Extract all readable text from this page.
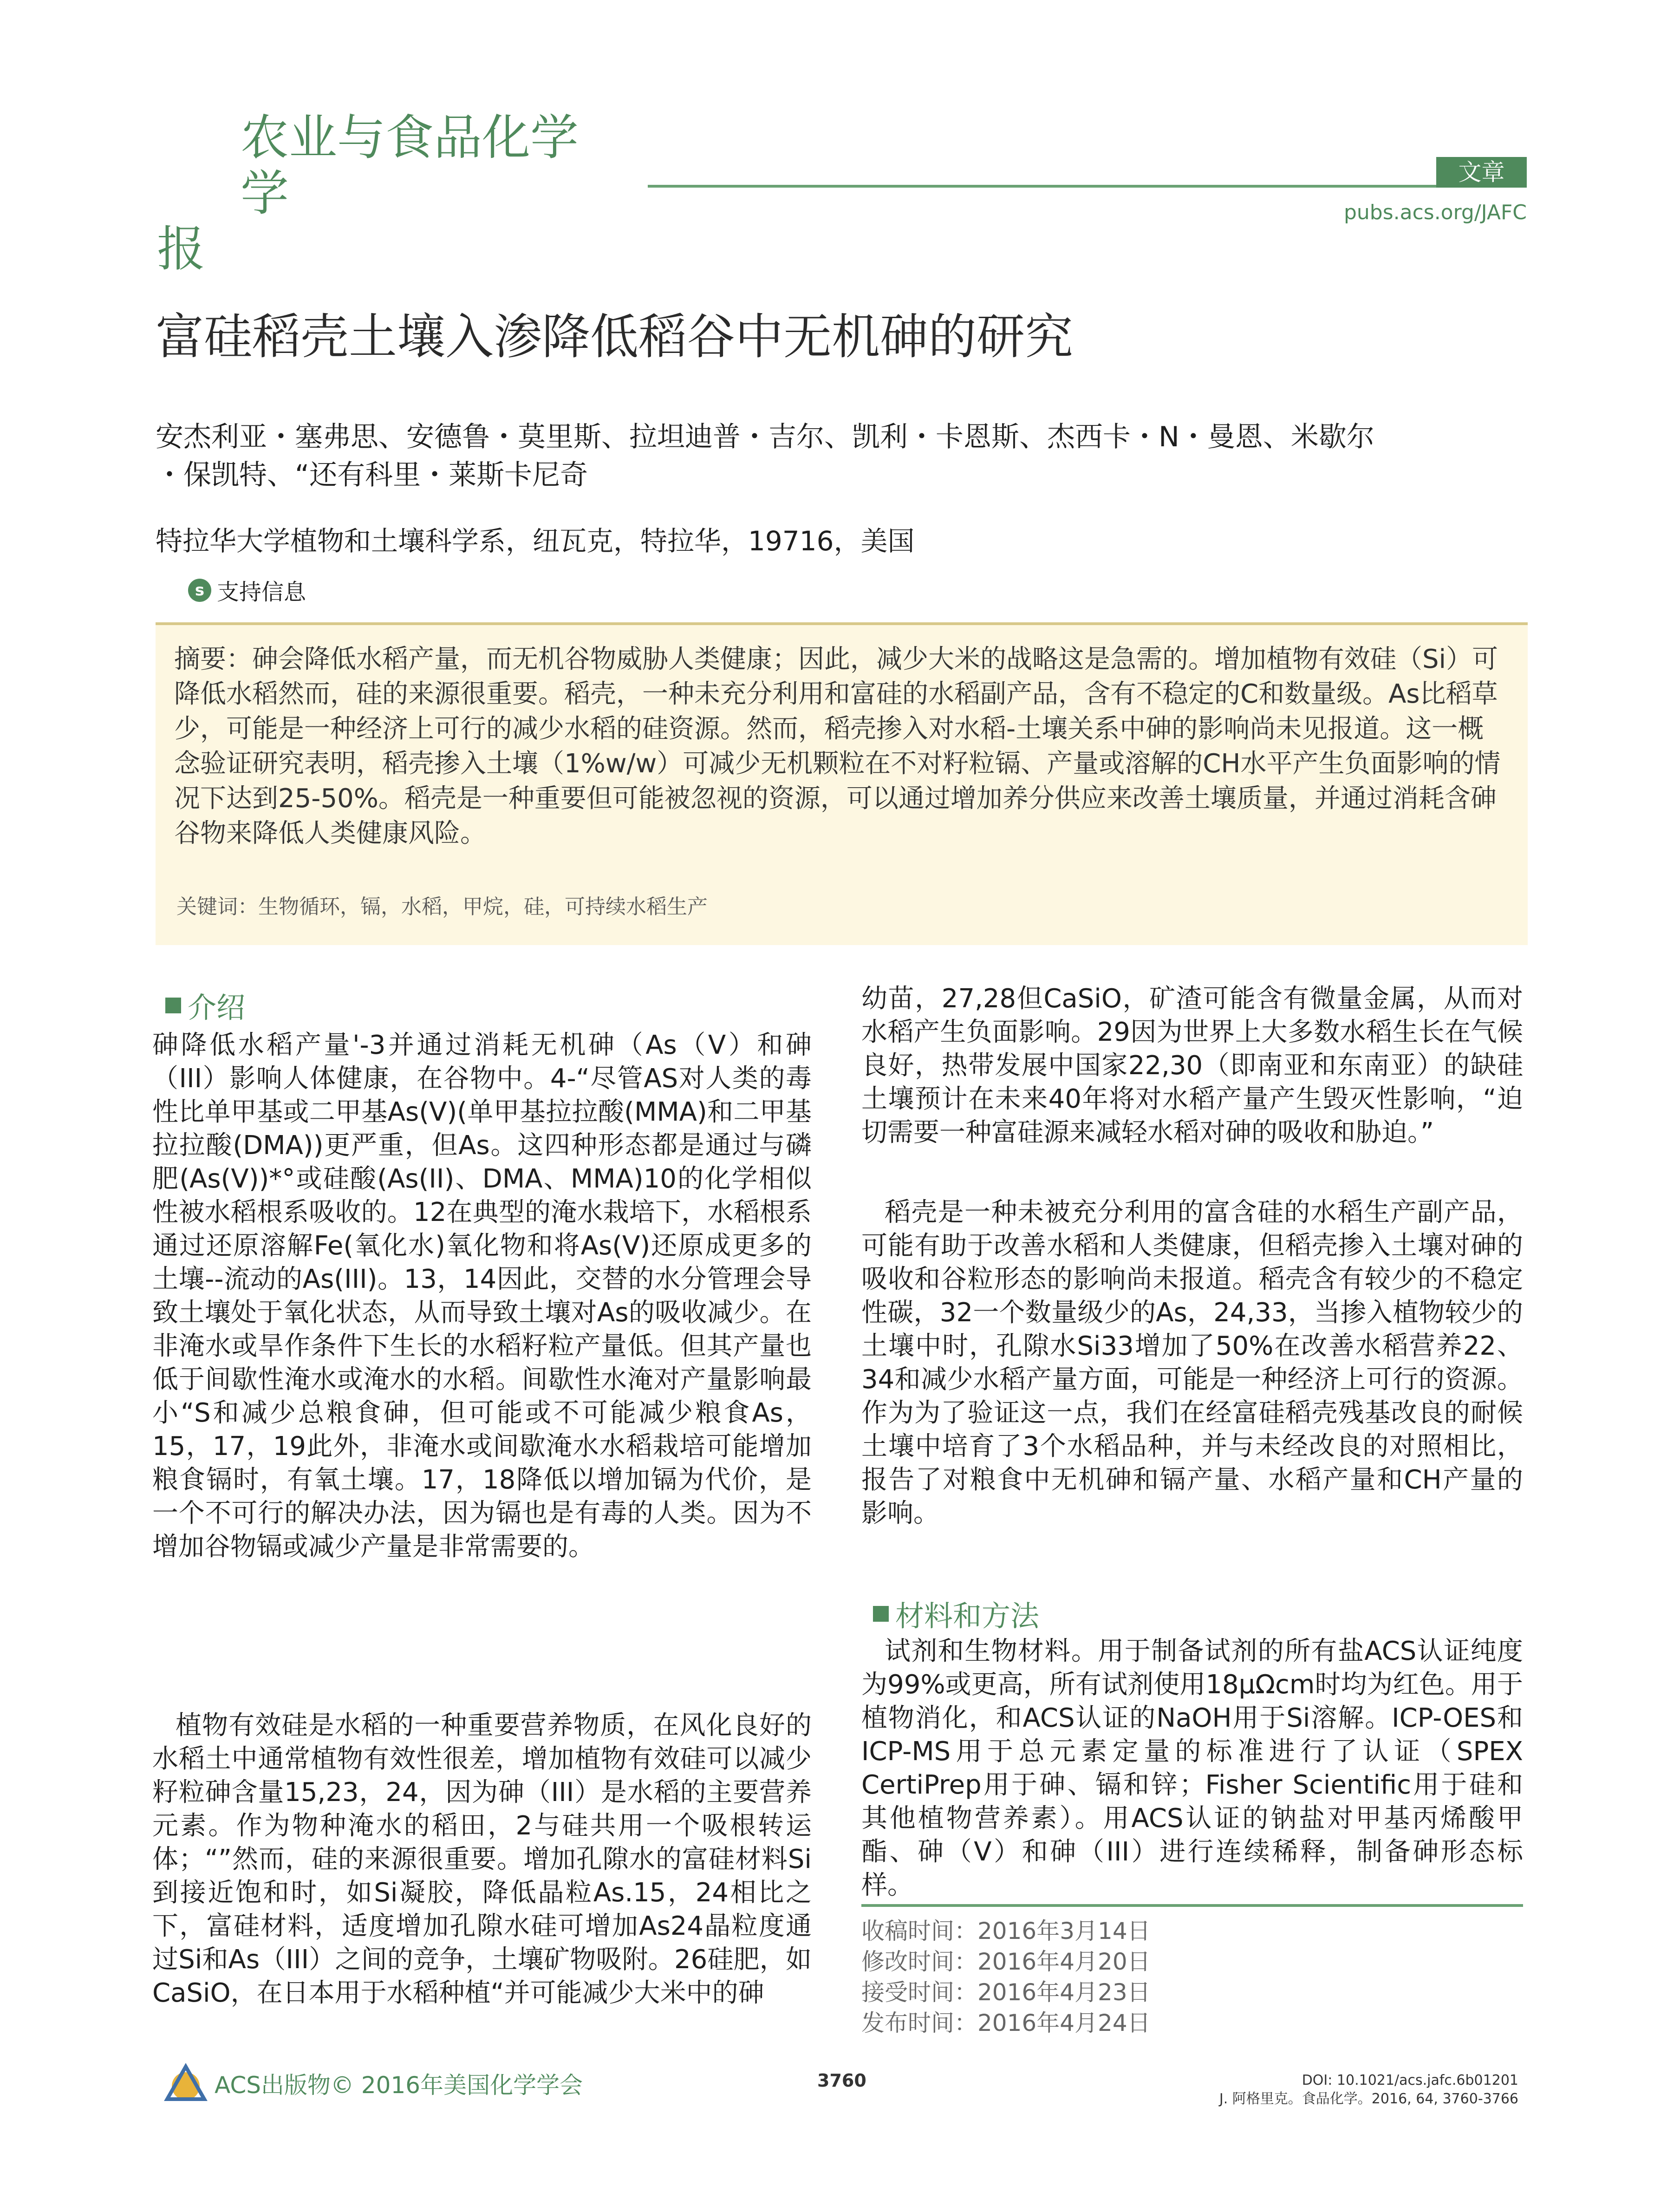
农业与食品化学学
报
文章
pubs.acs.org/JAFC
富硅稻壳土壤入渗降低稻谷中无机砷的研究
安杰利亚・塞弗思、安德鲁・莫里斯、拉坦迪普・吉尔、凯利・卡恩斯、杰西卡・N・曼恩、米歇尔
・保凯特、“还有科里・莱斯卡尼奇
特拉华大学植物和土壤科学系，纽瓦克，特拉华，19716，美国
s 支持信息
摘要：砷会降低水稻产量，而无机谷物威胁人类健康；因此，减少大米的战略这是急需的。增加植物有效硅（Si）可降低水稻然而，硅的来源很重要。稻壳，一种未充分利用和富硅的水稻副产品，含有不稳定的C和数量级。As比稻草少，可能是一种经济上可行的减少水稻的硅资源。然而，稻壳掺入对水稻-土壤关系中砷的影响尚未见报道。这一概念验证研究表明，稻壳掺入土壤（1%w/w）可减少无机颗粒在不对籽粒镉、产量或溶解的CH水平产生负面影响的情况下达到25-50%。稻壳是一种重要但可能被忽视的资源，可以通过增加养分供应来改善土壤质量，并通过消耗含砷谷物来降低人类健康风险。
关键词：生物循环，镉，水稻，甲烷，硅，可持续水稻生产
介绍
砷降低水稻产量'-3并通过消耗无机砷（As（V）和砷（III）影响人体健康，在谷物中。4-“尽管AS对人类的毒性比单甲基或二甲基As(V)(单甲基拉拉酸(MMA)和二甲基拉拉酸(DMA))更严重，但As。这四种形态都是通过与磷肥(As(V))*°或硅酸(As(II)、DMA、MMA)10的化学相似性被水稻根系吸收的。12在典型的淹水栽培下，水稻根系通过还原溶解Fe(氧化水)氧化物和将As(V)还原成更多的土壤--流动的As(III)。13，14因此，交替的水分管理会导致土壤处于氧化状态，从而导致土壤对As的吸收减少。在非淹水或旱作条件下生长的水稻籽粒产量低。但其产量也低于间歇性淹水或淹水的水稻。间歇性水淹对产量影响最小“S和减少总粮食砷，但可能或不可能减少粮食As，15，17，19此外，非淹水或间歇淹水水稻栽培可能增加粮食镉时，有氧土壤。17，18降低以增加镉为代价，是一个不可行的解决办法，因为镉也是有毒的人类。因为不增加谷物镉或减少产量是非常需要的。
植物有效硅是水稻的一种重要营养物质，在风化良好的水稻土中通常植物有效性很差，增加植物有效硅可以减少籽粒砷含量15,23，24，因为砷（III）是水稻的主要营养元素。作为物种淹水的稻田，2与硅共用一个吸根转运体；“”然而，硅的来源很重要。增加孔隙水的富硅材料Si到接近饱和时，如Si凝胶，降低晶粒As.15，24相比之下，富硅材料，适度增加孔隙水硅可增加As24晶粒度通过Si和As（III）之间的竞争，土壤矿物吸附。26硅肥，如CaSiO，在日本用于水稻种植“并可能减少大米中的砷
幼苗，27,28但CaSiO，矿渣可能含有微量金属，从而对水稻产生负面影响。29因为世界上大多数水稻生长在气候良好，热带发展中国家22,30（即南亚和东南亚）的缺硅土壤预计在未来40年将对水稻产量产生毁灭性影响，“迫切需要一种富硅源来减轻水稻对砷的吸收和胁迫。”
稻壳是一种未被充分利用的富含硅的水稻生产副产品，可能有助于改善水稻和人类健康，但稻壳掺入土壤对砷的吸收和谷粒形态的影响尚未报道。稻壳含有较少的不稳定性碳，32一个数量级少的As，24,33，当掺入植物较少的土壤中时，孔隙水Si33增加了50%在改善水稻营养22、34和减少水稻产量方面，可能是一种经济上可行的资源。作为为了验证这一点，我们在经富硅稻壳残基改良的耐候土壤中培育了3个水稻品种，并与未经改良的对照相比，报告了对粮食中无机砷和镉产量、水稻产量和CH产量的影响。
材料和方法
试剂和生物材料。用于制备试剂的所有盐ACS认证纯度为99%或更高，所有试剂使用18μΩcm时均为红色。用于植物消化，和ACS认证的NaOH用于Si溶解。ICP-OES和ICP-MS用于总元素定量的标准进行了认证（SPEX CertiPrep用于砷、镉和锌；Fisher Scientific用于硅和其他植物营养素）。用ACS认证的钠盐对甲基丙烯酸甲酯、砷（V）和砷（III）进行连续稀释，制备砷形态标样。
收稿时间：2016年3月14日
修改时间：2016年4月20日
接受时间：2016年4月23日
发布时间：2016年4月24日
ACS出版物© 2016年美国化学学会	3760	DOI: 10.1021/acs.jafc.6b01201
J. 阿格里克。食品化学。2016, 64, 3760-3766
